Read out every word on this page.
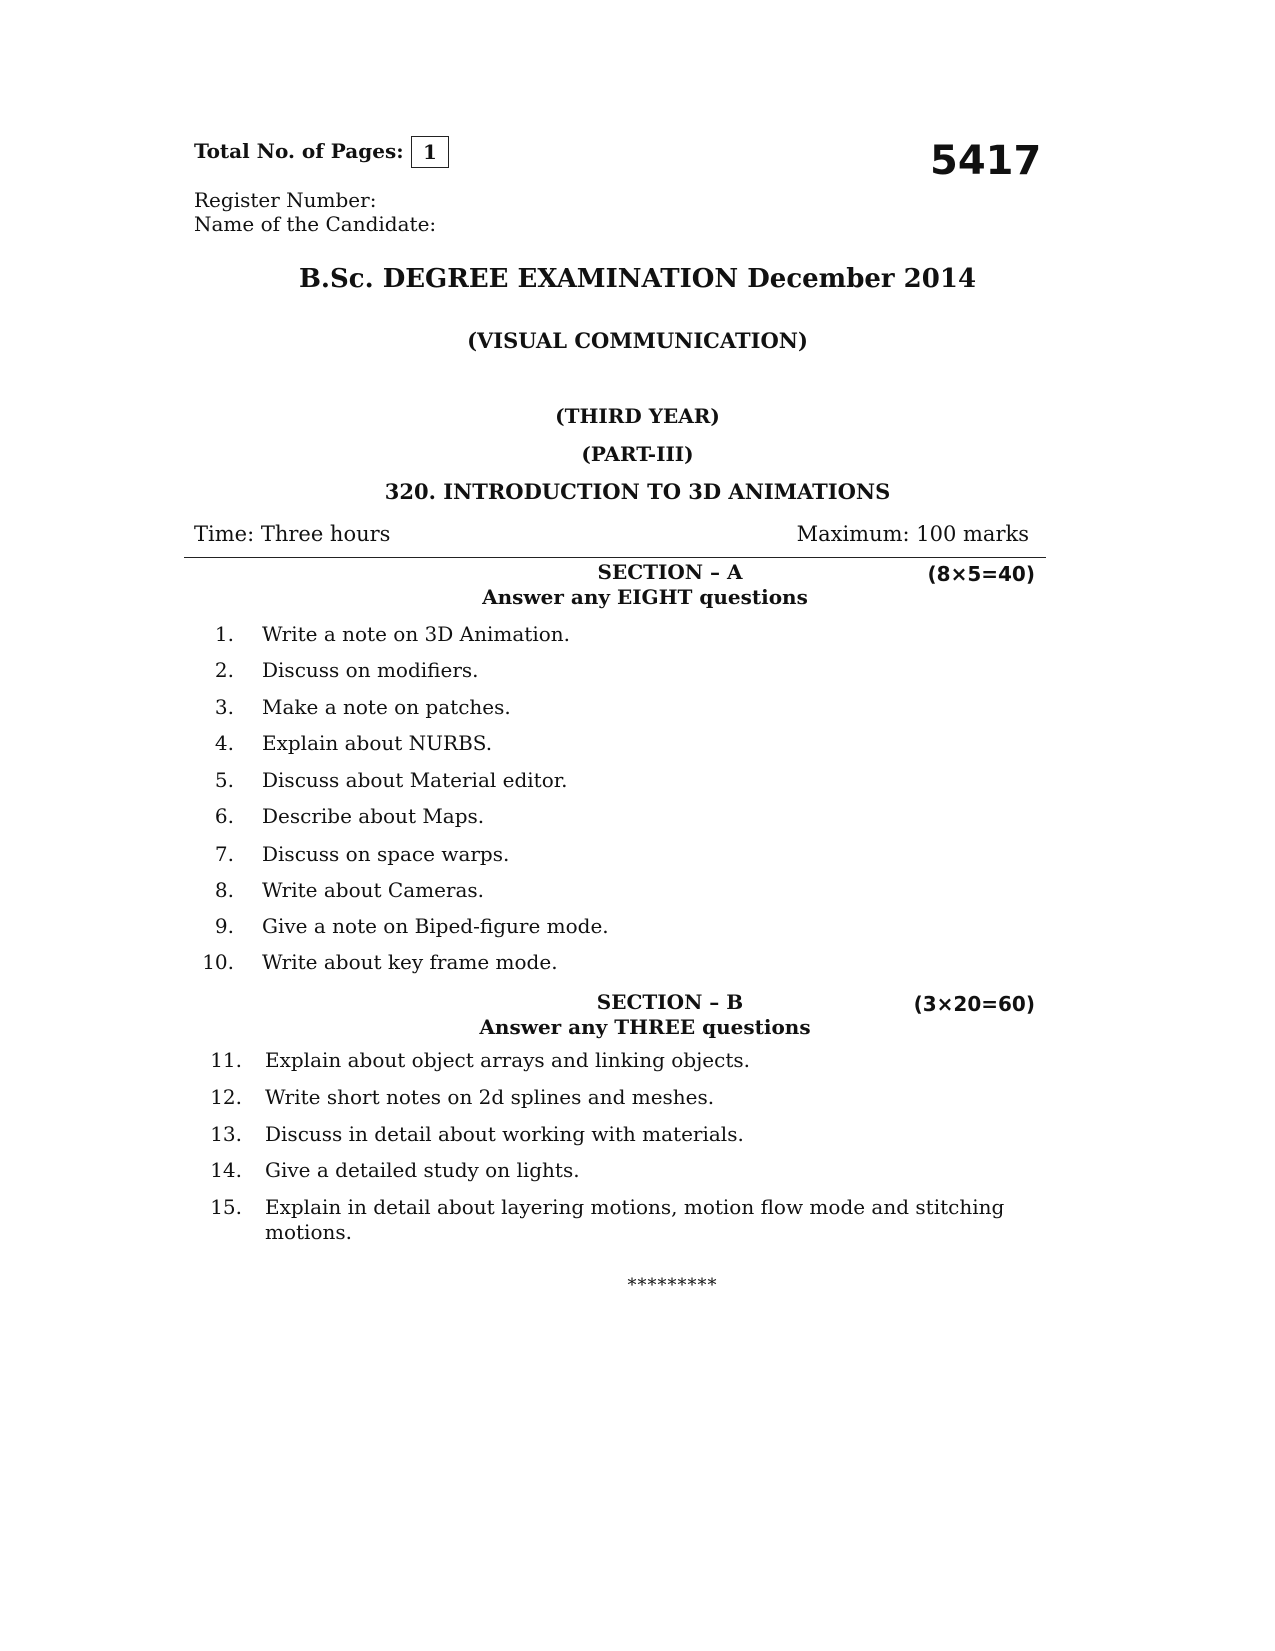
Total No. of Pages: 1	5417
Register Number:
Name of the Candidate:
B.Sc. DEGREE EXAMINATION December 2014
(VISUAL COMMUNICATION)
(THIRD YEAR)
(PART-III)
320. INTRODUCTION TO 3D ANIMATIONS
Time: Three hours	Maximum: 100 marks
SECTION – A	(8×5=40)
Answer any EIGHT questions
1. Write a note on 3D Animation.
2. Discuss on modifiers.
3. Make a note on patches.
4. Explain about NURBS.
5. Discuss about Material editor.
6. Describe about Maps.
7. Discuss on space warps.
8. Write about Cameras.
9. Give a note on Biped-figure mode.
10. Write about key frame mode.
SECTION – B	(3×20=60)
Answer any THREE questions
11. Explain about object arrays and linking objects.
12. Write short notes on 2d splines and meshes.
13. Discuss in detail about working with materials.
14. Give a detailed study on lights.
15. Explain in detail about layering motions, motion flow mode and stitching motions.
*********
